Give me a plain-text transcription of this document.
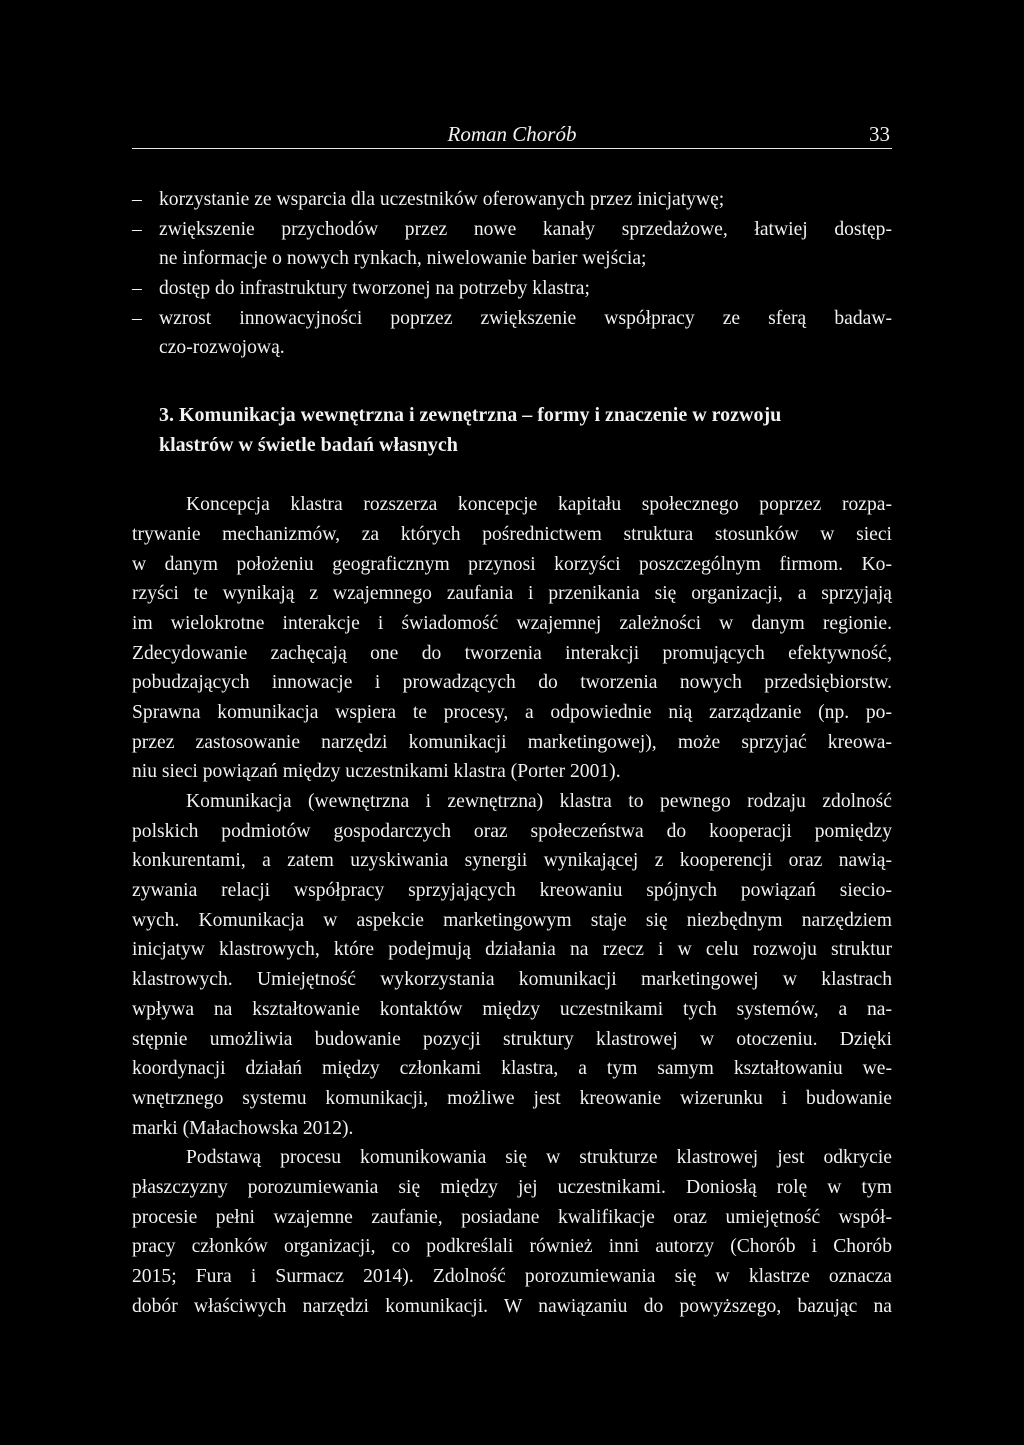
Roman Chorób	33
– korzystanie ze wsparcia dla uczestników oferowanych przez inicjatywę;
– zwiększenie przychodów przez nowe kanały sprzedażowe, łatwiej dostęp-
ne informacje o nowych rynkach, niwelowanie barier wejścia;
– dostęp do infrastruktury tworzonej na potrzeby klastra;
– wzrost innowacyjności poprzez zwiększenie współpracy ze sferą badaw-
czo-rozwojową.
3. Komunikacja wewnętrzna i zewnętrzna – formy i znaczenie w rozwoju
klastrów w świetle badań własnych
Koncepcja klastra rozszerza koncepcje kapitału społecznego poprzez rozpa-
trywanie mechanizmów, za których pośrednictwem struktura stosunków w sieci
w danym położeniu geograficznym przynosi korzyści poszczególnym firmom. Ko-
rzyści te wynikają z wzajemnego zaufania i przenikania się organizacji, a sprzyjają
im wielokrotne interakcje i świadomość wzajemnej zależności w danym regionie.
Zdecydowanie zachęcają one do tworzenia interakcji promujących efektywność,
pobudzających innowacje i prowadzących do tworzenia nowych przedsiębiorstw.
Sprawna komunikacja wspiera te procesy, a odpowiednie nią zarządzanie (np. po-
przez zastosowanie narzędzi komunikacji marketingowej), może sprzyjać kreowa-
niu sieci powiązań między uczestnikami klastra (Porter 2001).
Komunikacja (wewnętrzna i zewnętrzna) klastra to pewnego rodzaju zdolność
polskich podmiotów gospodarczych oraz społeczeństwa do kooperacji pomiędzy
konkurentami, a zatem uzyskiwania synergii wynikającej z kooperencji oraz nawią-
zywania relacji współpracy sprzyjających kreowaniu spójnych powiązań siecio-
wych. Komunikacja w aspekcie marketingowym staje się niezbędnym narzędziem
inicjatyw klastrowych, które podejmują działania na rzecz i w celu rozwoju struktur
klastrowych. Umiejętność wykorzystania komunikacji marketingowej w klastrach
wpływa na kształtowanie kontaktów między uczestnikami tych systemów, a na-
stępnie umożliwia budowanie pozycji struktury klastrowej w otoczeniu. Dzięki
koordynacji działań między członkami klastra, a tym samym kształtowaniu we-
wnętrznego systemu komunikacji, możliwe jest kreowanie wizerunku i budowanie
marki (Małachowska 2012).
Podstawą procesu komunikowania się w strukturze klastrowej jest odkrycie
płaszczyzny porozumiewania się między jej uczestnikami. Doniosłą rolę w tym
procesie pełni wzajemne zaufanie, posiadane kwalifikacje oraz umiejętność współ-
pracy członków organizacji, co podkreślali również inni autorzy (Chorób i Chorób
2015; Fura i Surmacz 2014). Zdolność porozumiewania się w klastrze oznacza
dobór właściwych narzędzi komunikacji. W nawiązaniu do powyższego, bazując na
